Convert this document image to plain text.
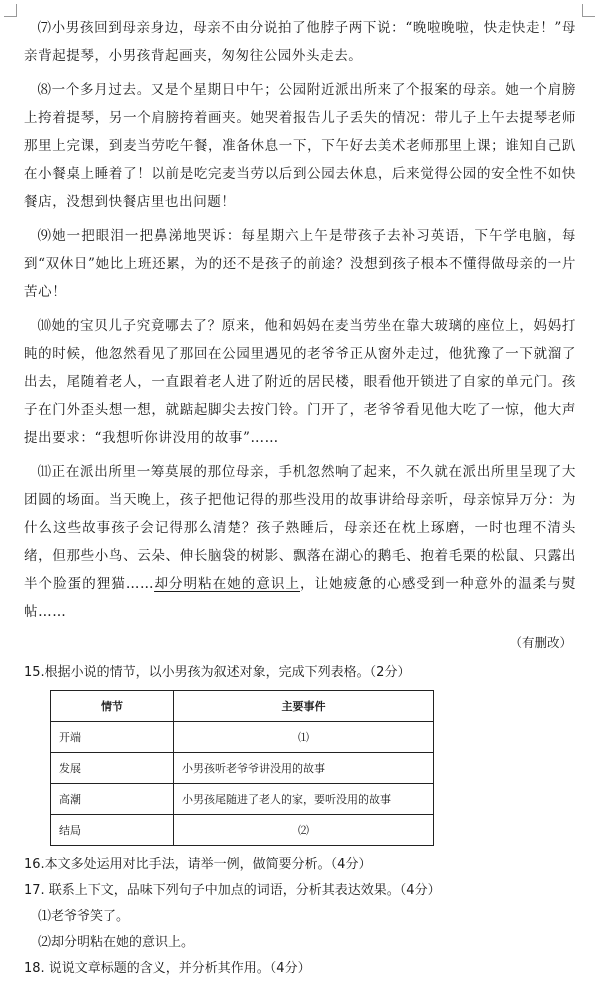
⑺小男孩回到母亲身边，母亲不由分说拍了他脖子两下说：“晚啦晚啦，快走快走！”母亲背起提琴，小男孩背起画夹，匆匆往公园外头走去。

⑻一个多月过去。又是个星期日中午；公园附近派出所来了个报案的母亲。她一个肩膀上挎着提琴，另一个肩膀挎着画夹。她哭着报告儿子丢失的情况：带儿子上午去提琴老师那里上完课，到麦当劳吃午餐，准备休息一下，下午好去美术老师那里上课；谁知自己趴在小餐桌上睡着了！以前是吃完麦当劳以后到公园去休息，后来觉得公园的安全性不如快餐店，没想到快餐店里也出问题！

⑼她一把眼泪一把鼻涕地哭诉：每星期六上午是带孩子去补习英语，下午学电脑，每到“双休日”她比上班还累，为的还不是孩子的前途？没想到孩子根本不懂得做母亲的一片苦心！

⑽她的宝贝儿子究竟哪去了？原来，他和妈妈在麦当劳坐在靠大玻璃的座位上，妈妈打盹的时候，他忽然看见了那回在公园里遇见的老爷爷正从窗外走过，他犹豫了一下就溜了出去，尾随着老人，一直跟着老人进了附近的居民楼，眼看他开锁进了自家的单元门。孩子在门外歪头想一想，就踮起脚尖去按门铃。门开了，老爷爷看见他大吃了一惊，他大声提出要求：“我想听你讲没用的故事”……

⑾正在派出所里一筹莫展的那位母亲，手机忽然响了起来，不久就在派出所里呈现了大团圆的场面。当天晚上，孩子把他记得的那些没用的故事讲给母亲听，母亲惊异万分：为什么这些故事孩子会记得那么清楚？孩子熟睡后，母亲还在枕上琢磨，一时也理不清头绪，但那些小鸟、云朵、伸长脑袋的树影、飘落在湖心的鹅毛、抱着毛栗的松鼠、只露出半个脸蛋的狸猫……却分明粘在她的意识上，让她疲惫的心感受到一种意外的温柔与熨帖……

（有删改）

15.根据小说的情节，以小男孩为叙述对象，完成下列表格。（2分）

情节	主要事件
开端	⑴
发展	小男孩听老爷爷讲没用的故事
高潮	小男孩尾随进了老人的家，要听没用的故事
结局	⑵

16.本文多处运用对比手法，请举一例，做简要分析。（4分）

17. 联系上下文，品味下列句子中加点的词语，分析其表达效果。（4分）

⑴老爷爷笑了。

⑵却分明粘在她的意识上。

18. 说说文章标题的含义，并分析其作用。（4分）
